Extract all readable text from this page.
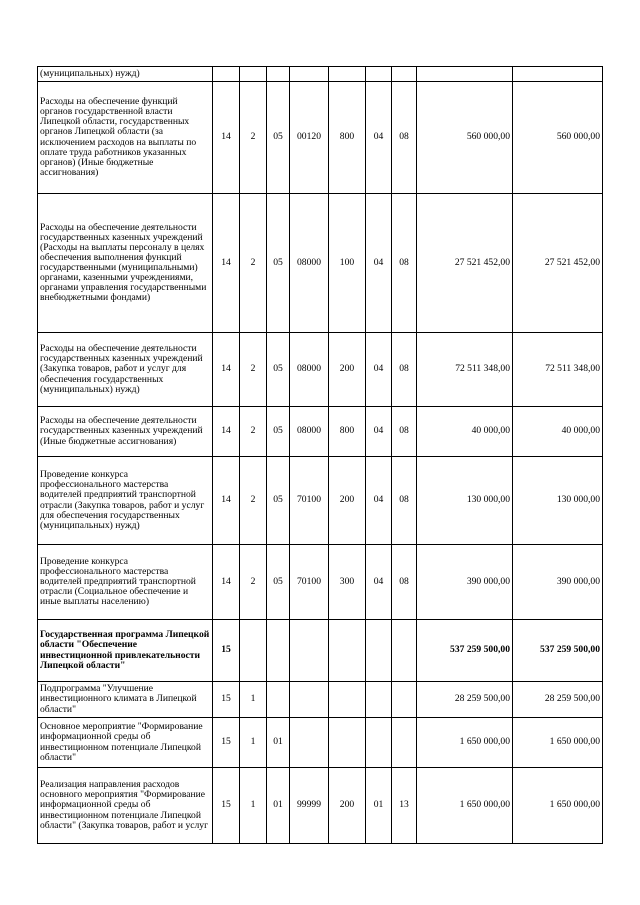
(муниципальных) нужд)									
Расходы на обеспечение функций органов государственной власти Липецкой области, государственных органов Липецкой области (за исключением расходов на выплаты по оплате труда работников указанных органов) (Иные бюджетные ассигнования)	14	2	05	00120	800	04	08	560 000,00	560 000,00
Расходы на обеспечение деятельности государственных казенных учреждений (Расходы на выплаты персоналу в целях обеспечения выполнения функций государственными (муниципальными) органами, казенными учреждениями, органами управления государственными внебюджетными фондами)	14	2	05	08000	100	04	08	27 521 452,00	27 521 452,00
Расходы на обеспечение деятельности государственных казенных учреждений (Закупка товаров, работ и услуг для обеспечения государственных (муниципальных) нужд)	14	2	05	08000	200	04	08	72 511 348,00	72 511 348,00
Расходы на обеспечение деятельности государственных казенных учреждений (Иные бюджетные ассигнования)	14	2	05	08000	800	04	08	40 000,00	40 000,00
Проведение конкурса профессионального мастерства водителей предприятий транспортной отрасли (Закупка товаров, работ и услуг для обеспечения государственных (муниципальных) нужд)	14	2	05	70100	200	04	08	130 000,00	130 000,00
Проведение конкурса профессионального мастерства водителей предприятий транспортной отрасли (Социальное обеспечение и иные выплаты населению)	14	2	05	70100	300	04	08	390 000,00	390 000,00
Государственная программа Липецкой области "Обеспечение инвестиционной привлекательности Липецкой области"	15							537 259 500,00	537 259 500,00
Подпрограмма "Улучшение инвестиционного климата в Липецкой области"	15	1						28 259 500,00	28 259 500,00
Основное мероприятие "Формирование информационной среды об инвестиционном потенциале Липецкой области"	15	1	01					1 650 000,00	1 650 000,00
Реализация направления расходов основного мероприятия "Формирование информационной среды об инвестиционном потенциале Липецкой области" (Закупка товаров, работ и услуг	15	1	01	99999	200	01	13	1 650 000,00	1 650 000,00
